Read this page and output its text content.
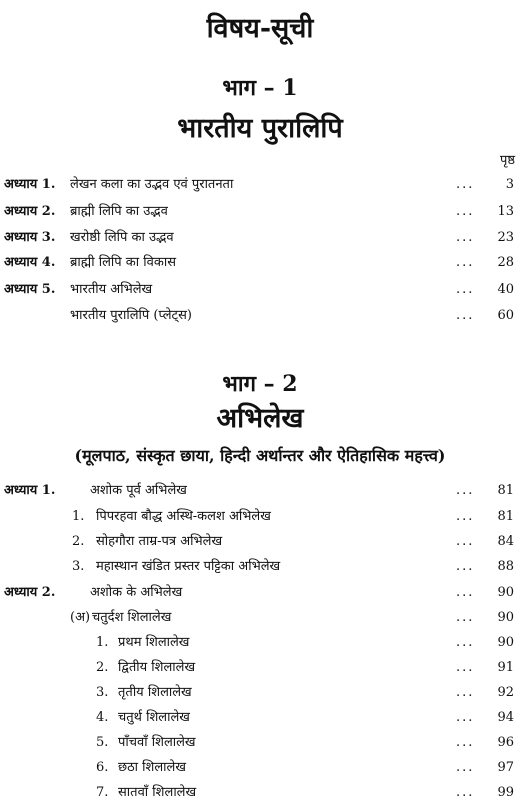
विषय-सूची
भाग – 1
भारतीय पुरालिपि
पृष्ठ
अध्याय 1. लेखन कला का उद्भव एवं पुरातनता	...	3
अध्याय 2. ब्राह्मी लिपि का उद्भव	...	13
अध्याय 3. खरोष्ठी लिपि का उद्भव	...	23
अध्याय 4. ब्राह्मी लिपि का विकास	...	28
अध्याय 5. भारतीय अभिलेख	...	40
भारतीय पुरालिपि (प्लेट्स)	...	60
भाग – 2
अभिलेख
(मूलपाठ, संस्कृत छाया, हिन्दी अर्थान्तर और ऐतिहासिक महत्त्व)
अध्याय 1.	अशोक पूर्व अभिलेख	...	81
1. पिपरहवा बौद्ध अस्थि-कलश अभिलेख	...	81
2. सोहगौरा ताम्र-पत्र अभिलेख	...	84
3. महास्थान खंडित प्रस्तर पट्टिका अभिलेख	...	88
अध्याय 2.	अशोक के अभिलेख	...	90
(अ) चतुर्दश शिलालेख	...	90
1. प्रथम शिलालेख	...	90
2. द्वितीय शिलालेख	...	91
3. तृतीय शिलालेख	...	92
4. चतुर्थ शिलालेख	...	94
5. पाँचवाँ शिलालेख	...	96
6. छठा शिलालेख	...	97
7. सातवाँ शिलालेख	...	99
